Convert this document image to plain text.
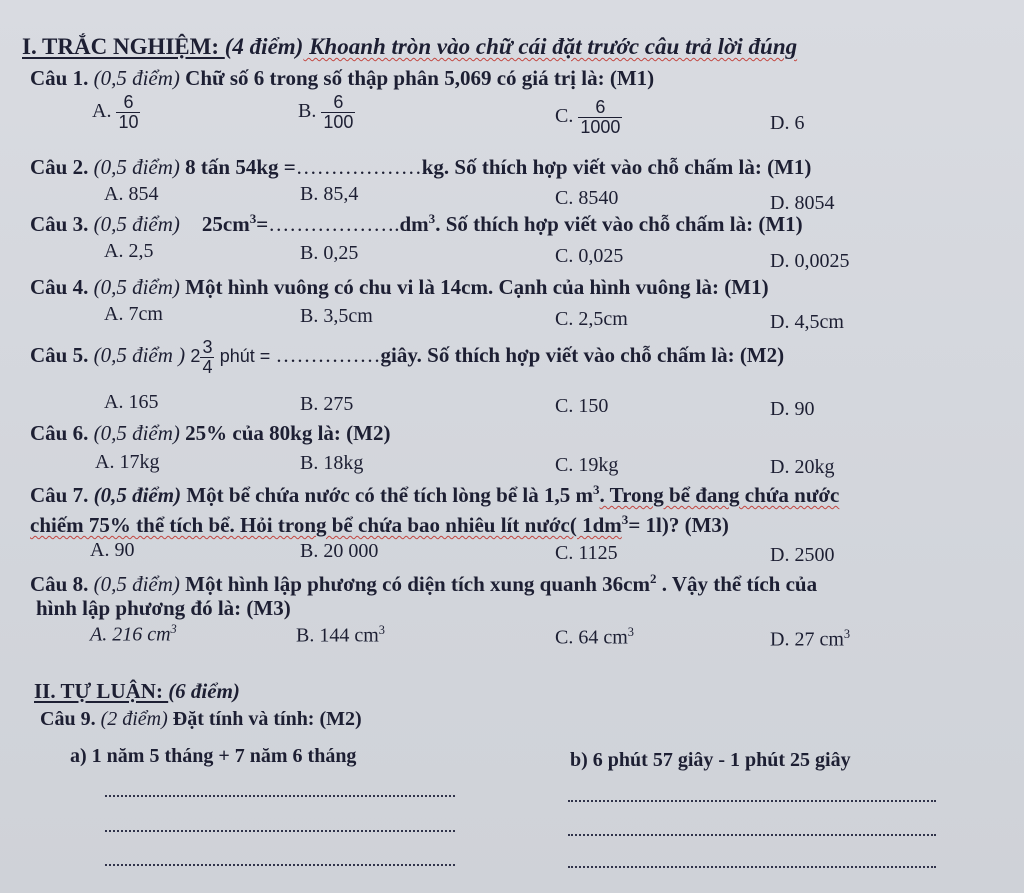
I. TRẮC NGHIỆM: (4 điểm) Khoanh tròn vào chữ cái đặt trước câu trả lời đúng
Câu 1. (0,5 điểm) Chữ số 6 trong số thập phân 5,069 có giá trị là: (M1)
A. $\frac{6}{10}$	B. $\frac{6}{100}$	C. $\frac{6}{1000}$	D. 6
Câu 2. (0,5 điểm) 8 tấn 54kg =………………kg. Số thích hợp viết vào chỗ chấm là: (M1)
A. 854	B. 85,4	C. 8540	D. 8054
Câu 3. (0,5 điểm) $25cm^3=\dots\dots\dots\dots\dots\dots.dm^3$. Số thích hợp viết vào chỗ chấm là: (M1)
A. 2,5	B. 0,25	C. 0,025	D. 0,0025
Câu 4. (0,5 điểm) Một hình vuông có chu vi là 14cm. Cạnh của hình vuông là: (M1)
A. 7cm	B. 3,5cm	C. 2,5cm	D. 4,5cm
Câu 5. (0,5 điểm ) $2 \frac{3}{4}$ phút = ……………giây. Số thích hợp viết vào chỗ chấm là: (M2)
A. 165	B. 275	C. 150	D. 90
Câu 6. (0,5 điểm) 25% của 80kg là: (M2)
A. 17kg	B. 18kg	C. 19kg	D. 20kg
Câu 7. (0,5 điểm) Một bể chứa nước có thể tích lòng bể là 1,5 $m^3$. Trong bể đang chứa nước
chiếm 75% thể tích bể. Hỏi trong bể chứa bao nhiêu lít nước( $1dm^3= 1l$)? (M3)
A. 90	B. 20 000	C. 1125	D. 2500
Câu 8. (0,5 điểm) Một hình lập phương có diện tích xung quanh $36cm^2$ . Vậy thể tích của
hình lập phương đó là: (M3)
A. 216 $cm^3$	B. 144 $cm^3$	C. 64 $cm^3$	D. 27 $cm^3$
II. TỰ LUẬN: (6 điểm)
Câu 9. (2 điểm) Đặt tính và tính: (M2)
a) 1 năm 5 tháng + 7 năm 6 tháng	b) 6 phút 57 giây - 1 phút 25 giây
